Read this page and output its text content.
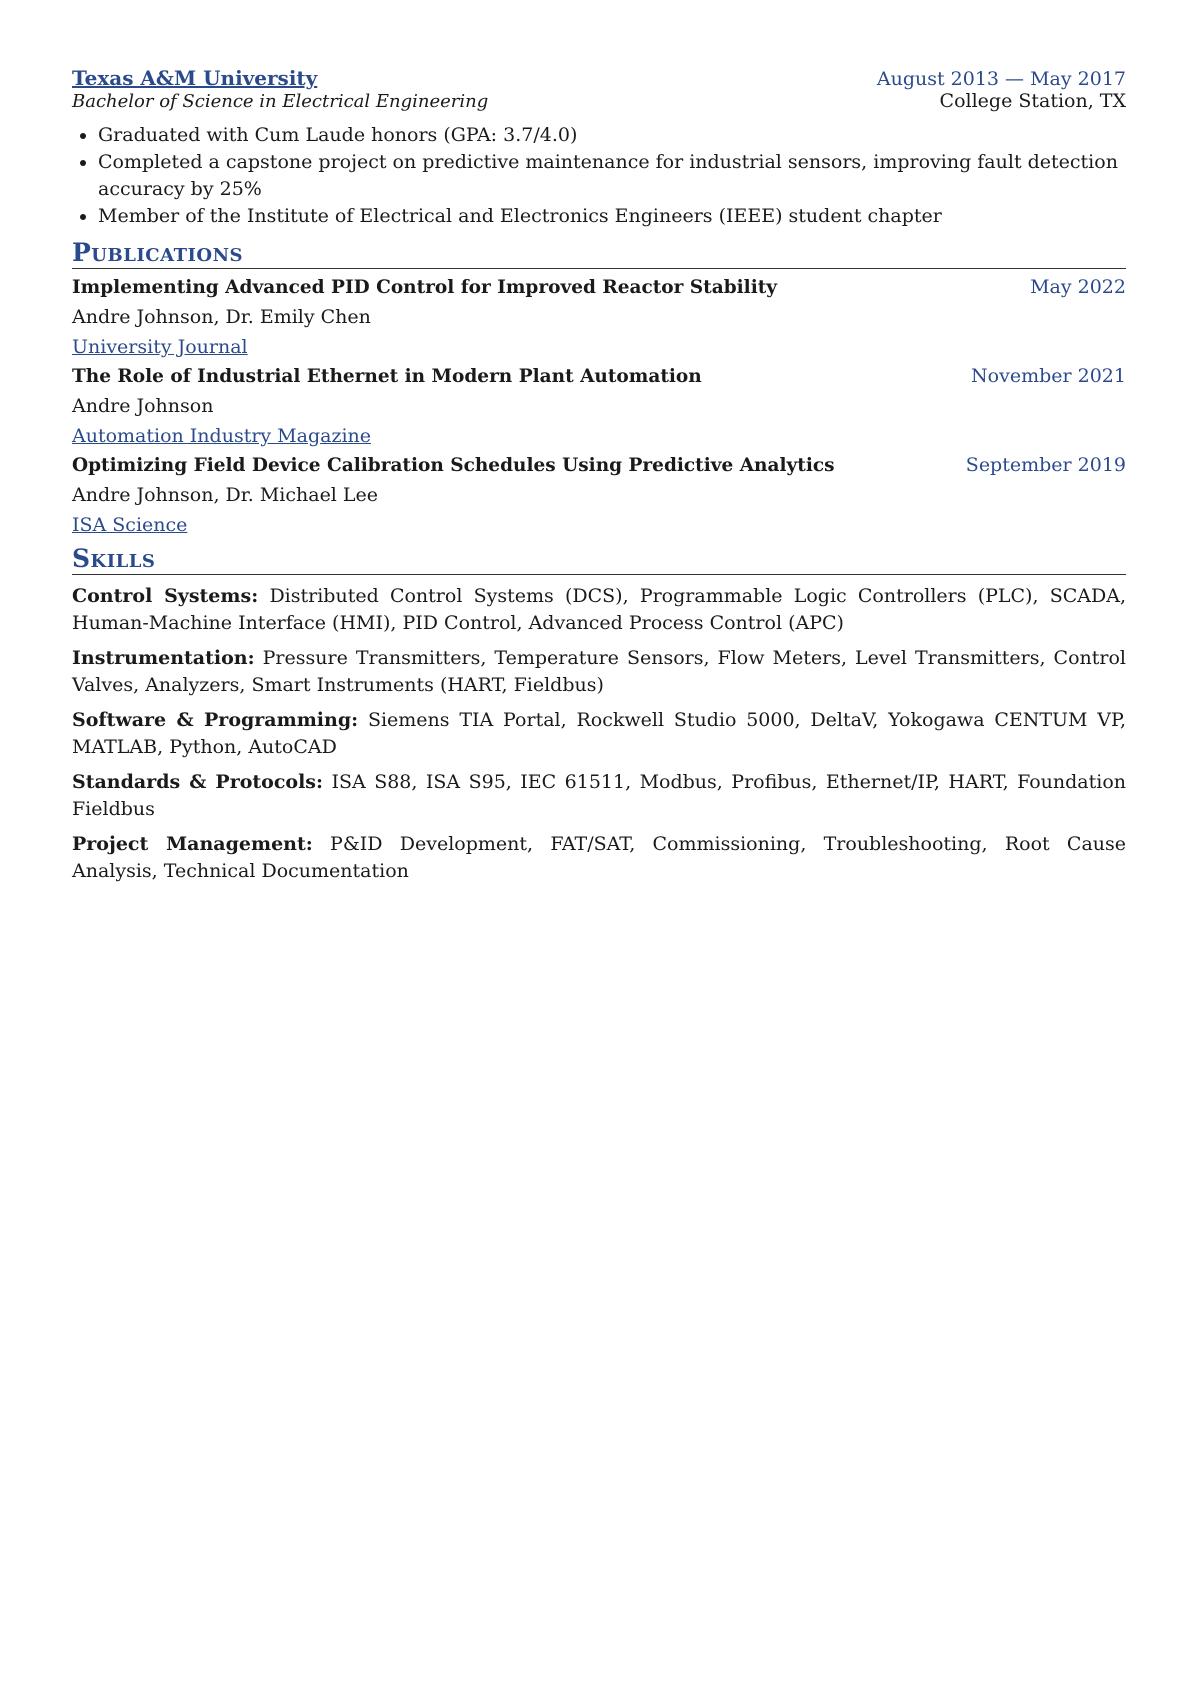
Texas A&M University	August 2013 — May 2017
Bachelor of Science in Electrical Engineering	College Station, TX
• Graduated with Cum Laude honors (GPA: 3.7/4.0)
• Completed a capstone project on predictive maintenance for industrial sensors, improving fault detection accuracy by 25%
• Member of the Institute of Electrical and Electronics Engineers (IEEE) student chapter
Publications
Implementing Advanced PID Control for Improved Reactor Stability	May 2022
Andre Johnson, Dr. Emily Chen
University Journal
The Role of Industrial Ethernet in Modern Plant Automation	November 2021
Andre Johnson
Automation Industry Magazine
Optimizing Field Device Calibration Schedules Using Predictive Analytics	September 2019
Andre Johnson, Dr. Michael Lee
ISA Science
Skills
Control Systems: Distributed Control Systems (DCS), Programmable Logic Controllers (PLC), SCADA, Human-Machine Interface (HMI), PID Control, Advanced Process Control (APC)
Instrumentation: Pressure Transmitters, Temperature Sensors, Flow Meters, Level Transmitters, Control Valves, Analyzers, Smart Instruments (HART, Fieldbus)
Software & Programming: Siemens TIA Portal, Rockwell Studio 5000, DeltaV, Yokogawa CENTUM VP, MATLAB, Python, AutoCAD
Standards & Protocols: ISA S88, ISA S95, IEC 61511, Modbus, Profibus, Ethernet/IP, HART, Foundation Fieldbus
Project Management: P&ID Development, FAT/SAT, Commissioning, Troubleshooting, Root Cause Analysis, Technical Documentation
